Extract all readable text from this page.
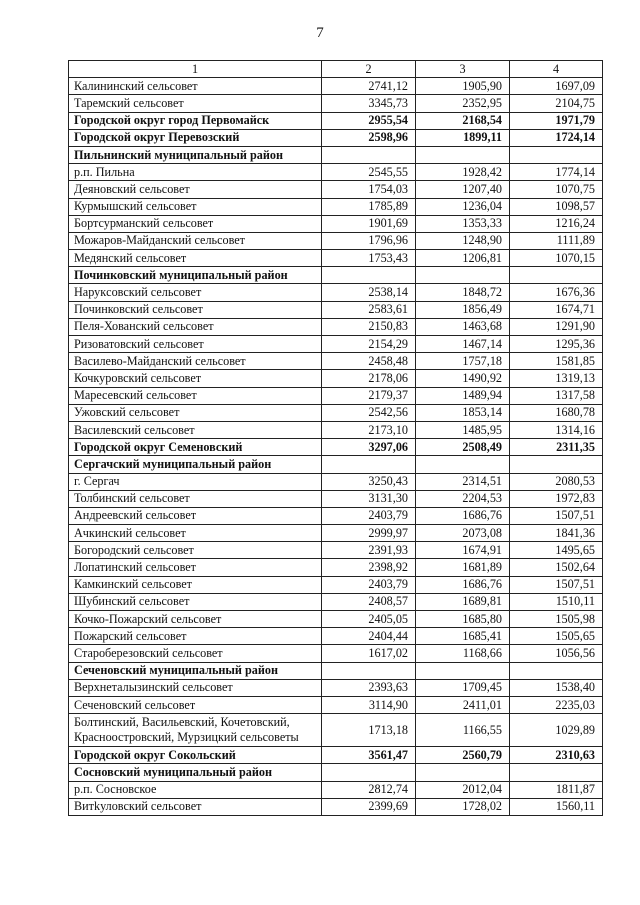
7
1	2	3	4
Калининский сельсовет	2741,12	1905,90	1697,09
Таремский сельсовет	3345,73	2352,95	2104,75
Городской округ город Первомайск	2955,54	2168,54	1971,79
Городской округ Перевозский	2598,96	1899,11	1724,14
Пильнинский муниципальный район			
р.п. Пильна	2545,55	1928,42	1774,14
Деяновский сельсовет	1754,03	1207,40	1070,75
Курмышский сельсовет	1785,89	1236,04	1098,57
Бортсурманский сельсовет	1901,69	1353,33	1216,24
Можаров-Майданский сельсовет	1796,96	1248,90	1111,89
Медянский сельсовет	1753,43	1206,81	1070,15
Починковский муниципальный район			
Нарукcовский сельсовет	2538,14	1848,72	1676,36
Починковский сельсовет	2583,61	1856,49	1674,71
Пеля-Хованский сельсовет	2150,83	1463,68	1291,90
Ризоватовский сельсовет	2154,29	1467,14	1295,36
Василево-Майданский сельсовет	2458,48	1757,18	1581,85
Кочкуровский сельсовет	2178,06	1490,92	1319,13
Маресевский сельсовет	2179,37	1489,94	1317,58
Ужовский сельсовет	2542,56	1853,14	1680,78
Василевский сельсовет	2173,10	1485,95	1314,16
Городской округ Семеновский	3297,06	2508,49	2311,35
Сергачский муниципальный район			
г. Сергач	3250,43	2314,51	2080,53
Толбинский сельсовет	3131,30	2204,53	1972,83
Андреевский сельсовет	2403,79	1686,76	1507,51
Ачкинский сельсовет	2999,97	2073,08	1841,36
Богородский сельсовет	2391,93	1674,91	1495,65
Лопатинский сельсовет	2398,92	1681,89	1502,64
Камкинский сельсовет	2403,79	1686,76	1507,51
Шубинский сельсовет	2408,57	1689,81	1510,11
Кочко-Пожарский сельсовет	2405,05	1685,80	1505,98
Пожарский сельсовет	2404,44	1685,41	1505,65
Староберезовский сельсовет	1617,02	1168,66	1056,56
Сеченовский муниципальный район			
Верхнеталызинский сельсовет	2393,63	1709,45	1538,40
Сеченовский сельсовет	3114,90	2411,01	2235,03
Болтинский, Васильевский, Кочетовский, Красноостровский, Мурзицкий сельсоветы	1713,18	1166,55	1029,89
Городской округ Сокольский	3561,47	2560,79	2310,63
Сосновский муниципальный район			
р.п. Сосновское	2812,74	2012,04	1811,87
Витkуловский сельсовет	2399,69	1728,02	1560,11
